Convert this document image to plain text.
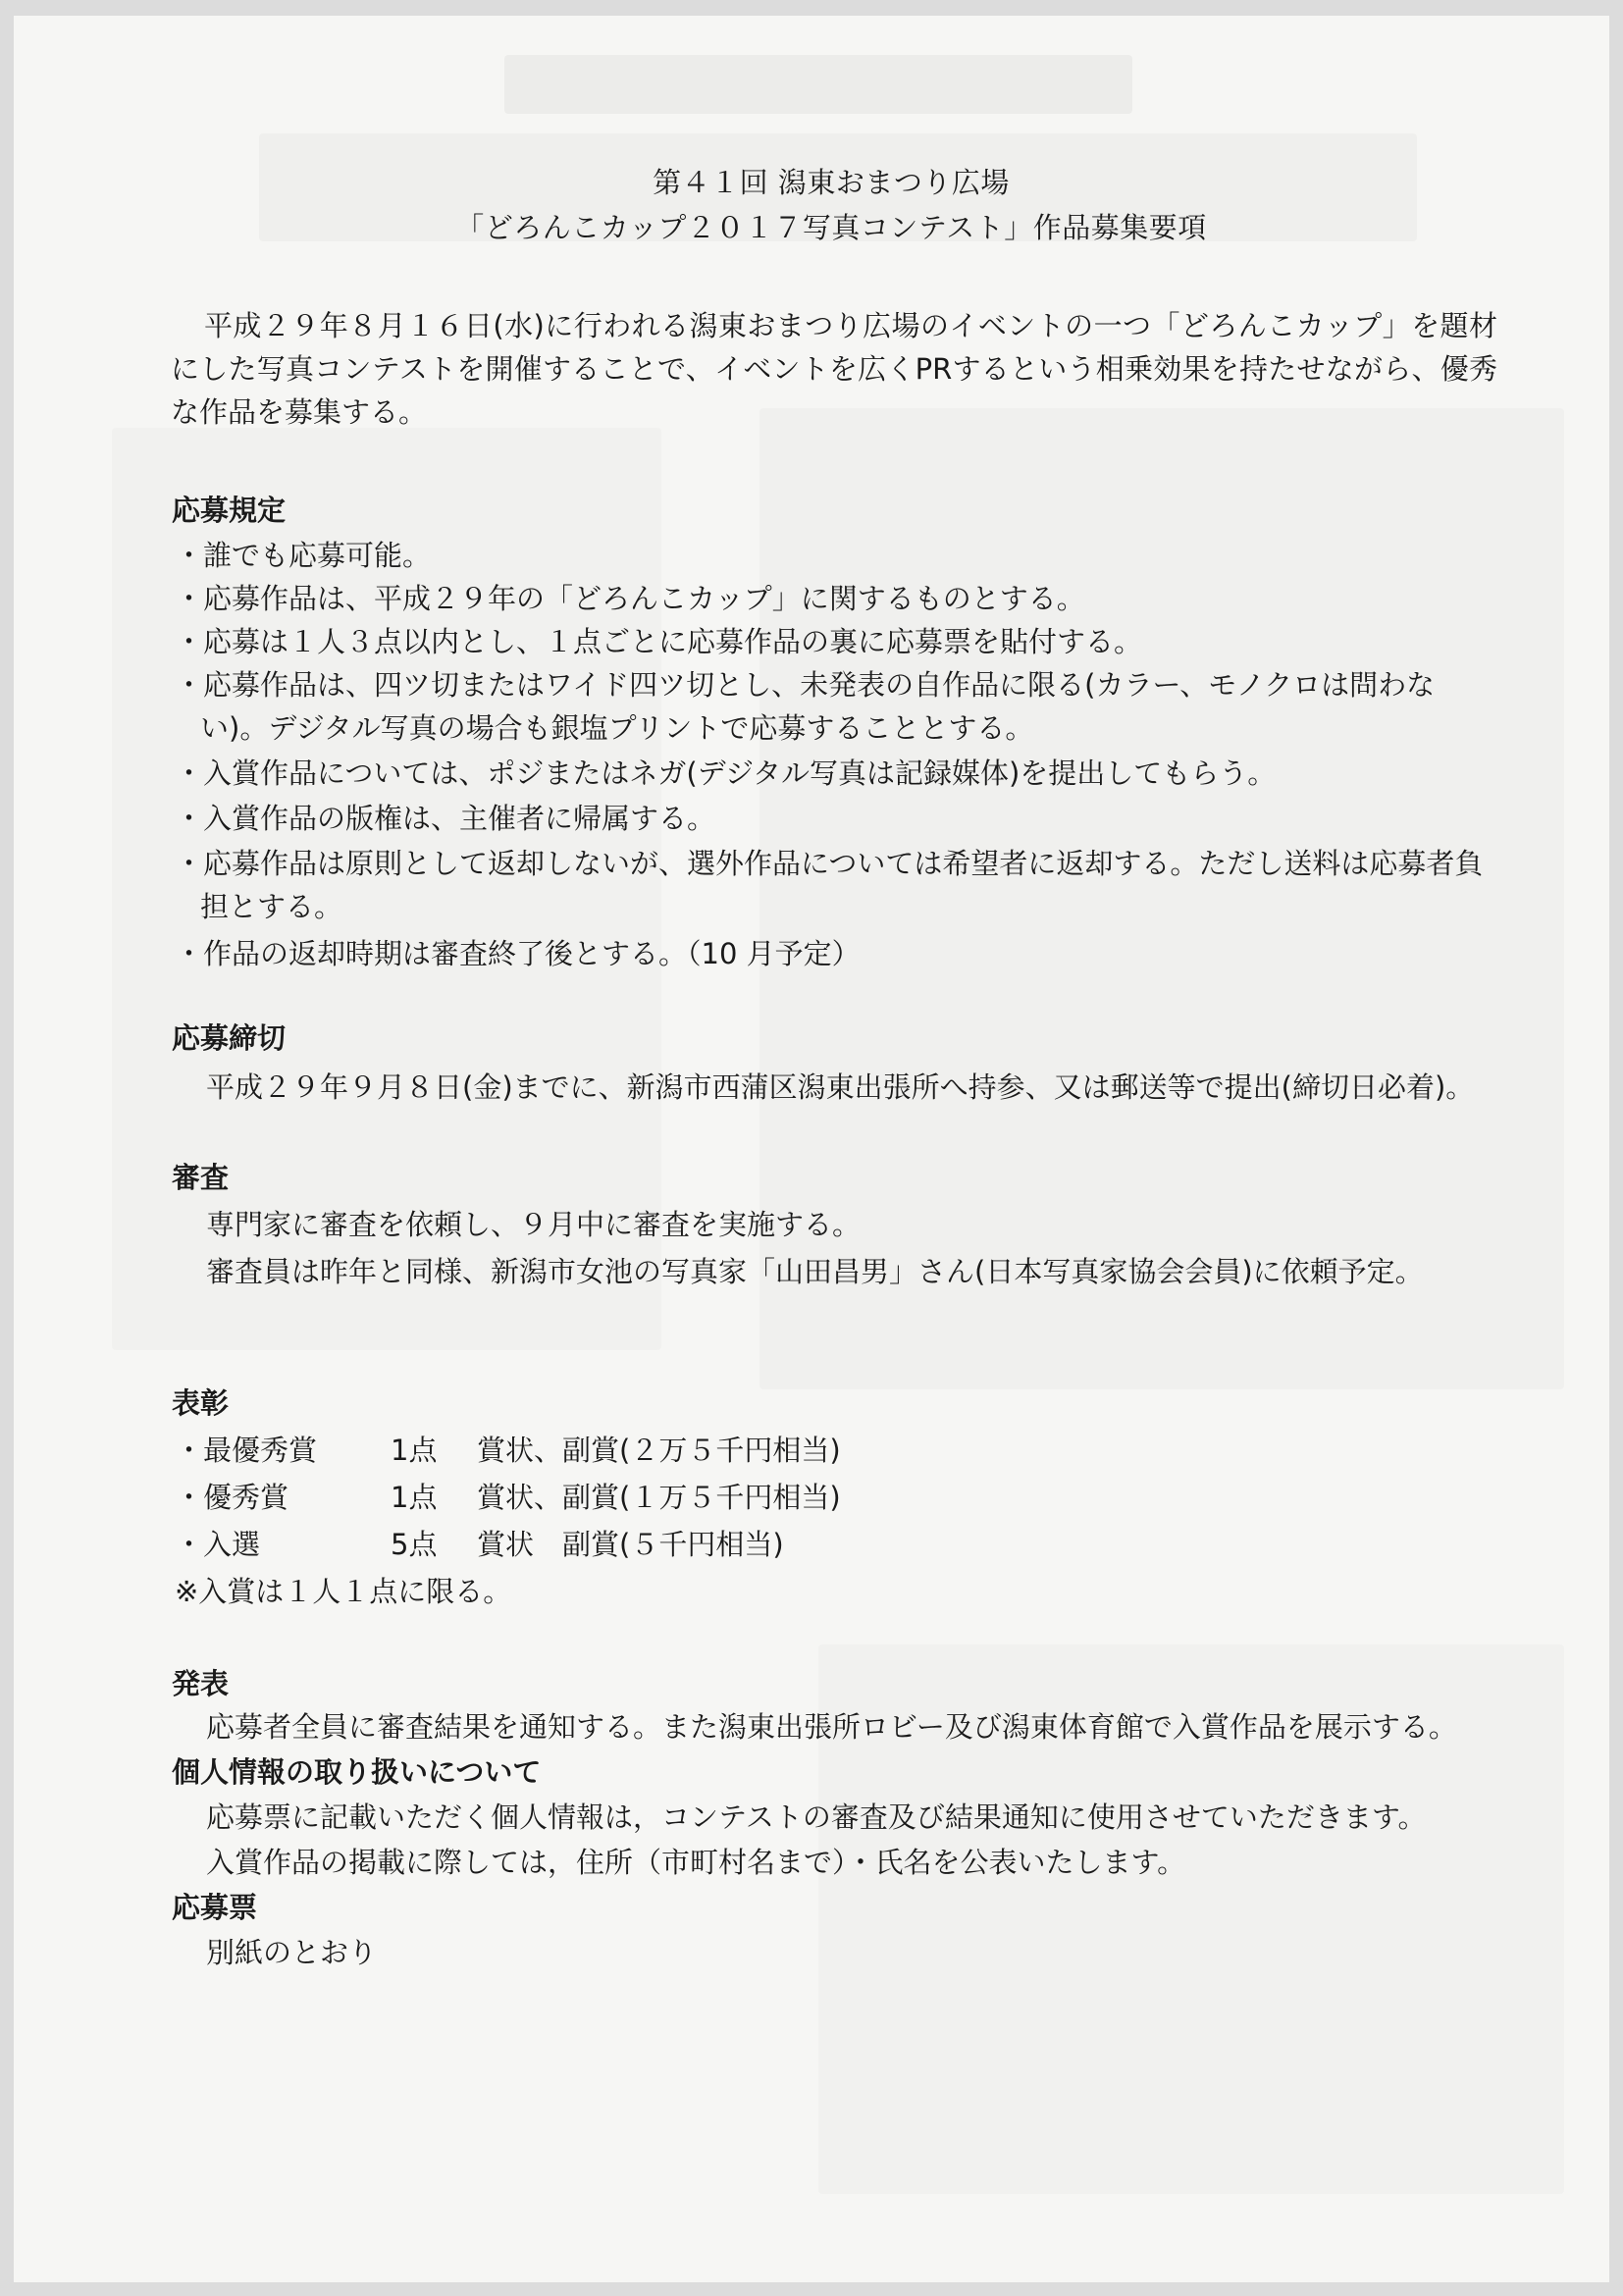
第４１回 潟東おまつり広場
「どろんこカップ２０１７写真コンテスト」作品募集要項
平成２９年８月１６日(水)に行われる潟東おまつり広場のイベントの一つ「どろんこカップ」を題材にした写真コンテストを開催することで、イベントを広くPRするという相乗効果を持たせながら、優秀な作品を募集する。
応募規定
・誰でも応募可能。
・応募作品は、平成２９年の「どろんこカップ」に関するものとする。
・応募は１人３点以内とし、１点ごとに応募作品の裏に応募票を貼付する。
・応募作品は、四ツ切またはワイド四ツ切とし、未発表の自作品に限る(カラー、モノクロは問わない)。デジタル写真の場合も銀塩プリントで応募することとする。
・入賞作品については、ポジまたはネガ(デジタル写真は記録媒体)を提出してもらう。
・入賞作品の版権は、主催者に帰属する。
・応募作品は原則として返却しないが、選外作品については希望者に返却する。ただし送料は応募者負担とする。
・作品の返却時期は審査終了後とする。（10 月予定）
応募締切
平成２９年９月８日(金)までに、新潟市西蒲区潟東出張所へ持参、又は郵送等で提出(締切日必着)。
審査
専門家に審査を依頼し、９月中に審査を実施する。
審査員は昨年と同様、新潟市女池の写真家「山田昌男」さん(日本写真家協会会員)に依頼予定。
表彰
・最優秀賞	1点 賞状、副賞(２万５千円相当)
・優秀賞	1点 賞状、副賞(１万５千円相当)
・入選	5点 賞状　副賞(５千円相当)
※入賞は１人１点に限る。
発表
応募者全員に審査結果を通知する。また潟東出張所ロビー及び潟東体育館で入賞作品を展示する。
個人情報の取り扱いについて
応募票に記載いただく個人情報は，コンテストの審査及び結果通知に使用させていただきます。
入賞作品の掲載に際しては，住所（市町村名まで）・氏名を公表いたします。
応募票
別紙のとおり
